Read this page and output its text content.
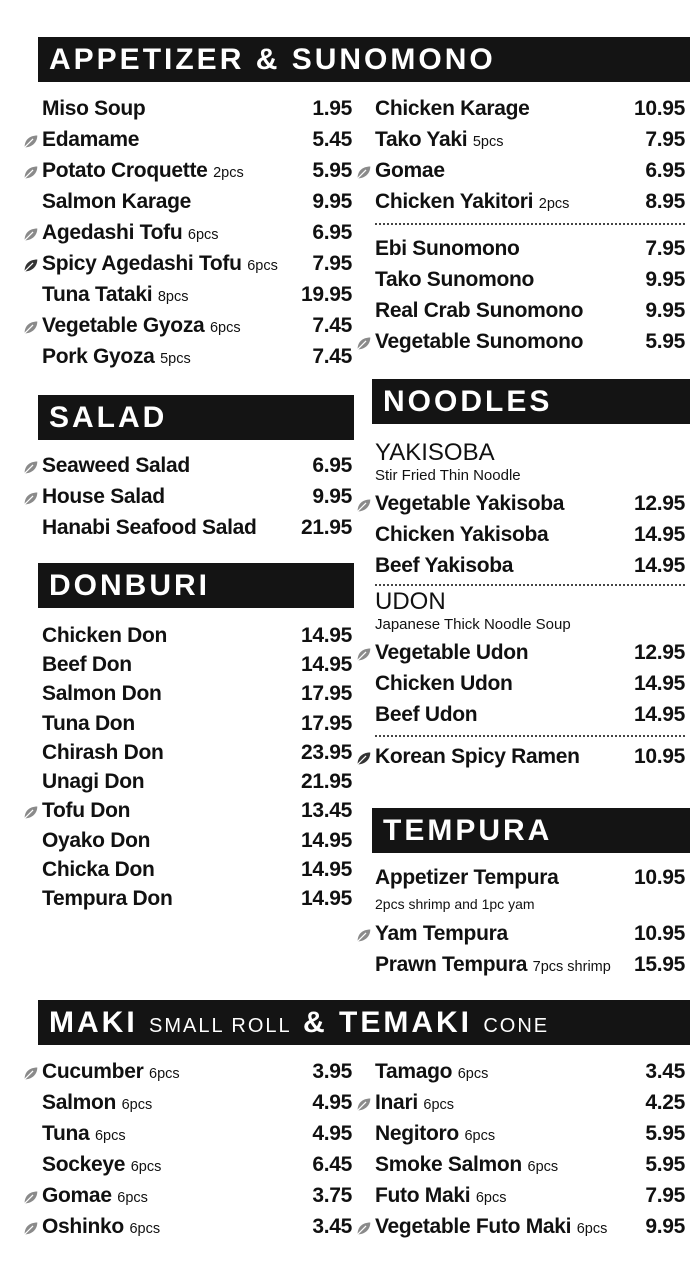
APPETIZER & SUNOMONO
Miso Soup	1.95
Edamame	5.45
Potato Croquette 2pcs	5.95
Salmon Karage	9.95
Agedashi Tofu 6pcs	6.95
Spicy Agedashi Tofu 6pcs	7.95
Tuna Tataki 8pcs	19.95
Vegetable Gyoza 6pcs	7.45
Pork Gyoza 5pcs	7.45
Chicken Karage	10.95
Tako Yaki 5pcs	7.95
Gomae	6.95
Chicken Yakitori 2pcs	8.95
Ebi Sunomono	7.95
Tako Sunomono	9.95
Real Crab Sunomono	9.95
Vegetable Sunomono	5.95
SALAD
Seaweed Salad	6.95
House Salad	9.95
Hanabi Seafood Salad	21.95
DONBURI
Chicken Don	14.95
Beef Don	14.95
Salmon Don	17.95
Tuna Don	17.95
Chirash Don	23.95
Unagi Don	21.95
Tofu Don	13.45
Oyako Don	14.95
Chicka Don	14.95
Tempura Don	14.95
NOODLES
YAKISOBA
Stir Fried Thin Noodle
Vegetable Yakisoba	12.95
Chicken Yakisoba	14.95
Beef Yakisoba	14.95
UDON
Japanese Thick Noodle Soup
Vegetable Udon	12.95
Chicken Udon	14.95
Beef Udon	14.95
Korean Spicy Ramen	10.95
TEMPURA
Appetizer Tempura	10.95
2pcs shrimp and 1pc yam
Yam Tempura	10.95
Prawn Tempura 7pcs shrimp	15.95
MAKI SMALL ROLL & TEMAKI CONE
Cucumber 6pcs	3.95
Salmon 6pcs	4.95
Tuna 6pcs	4.95
Sockeye 6pcs	6.45
Gomae 6pcs	3.75
Oshinko 6pcs	3.45
Tamago 6pcs	3.45
Inari 6pcs	4.25
Negitoro 6pcs	5.95
Smoke Salmon 6pcs	5.95
Futo Maki 6pcs	7.95
Vegetable Futo Maki 6pcs	9.95
